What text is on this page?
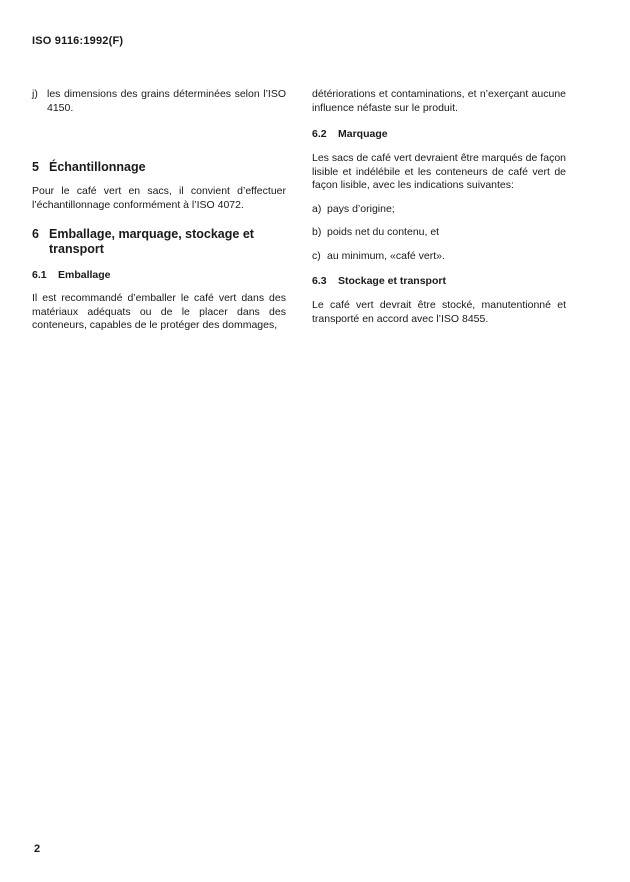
ISO 9116:1992(F)
j) les dimensions des grains déterminées selon l’ISO 4150.
5 Échantillonnage

Pour le café vert en sacs, il convient d’effectuer l’échantillonnage conformément à l’ISO 4072.

6 Emballage, marquage, stockage et transport
6.1	Emballage

Il est recommandé d’emballer le café vert dans des matériaux adéquats ou de le placer dans des conteneurs, capables de le protéger des dommages,

détériorations et contaminations, et n’exerçant aucune influence néfaste sur le produit.

6.2	Marquage

Les sacs de café vert devraient être marqués de façon lisible et indélébile et les conteneurs de café vert de façon lisible, avec les indications suivantes:

a) pays d’origine;
b) poids net du contenu, et
c) au minimum, «café vert».
6.3	Stockage et transport

Le café vert devrait être stocké, manutentionné et transporté en accord avec l’ISO 8455.

2
